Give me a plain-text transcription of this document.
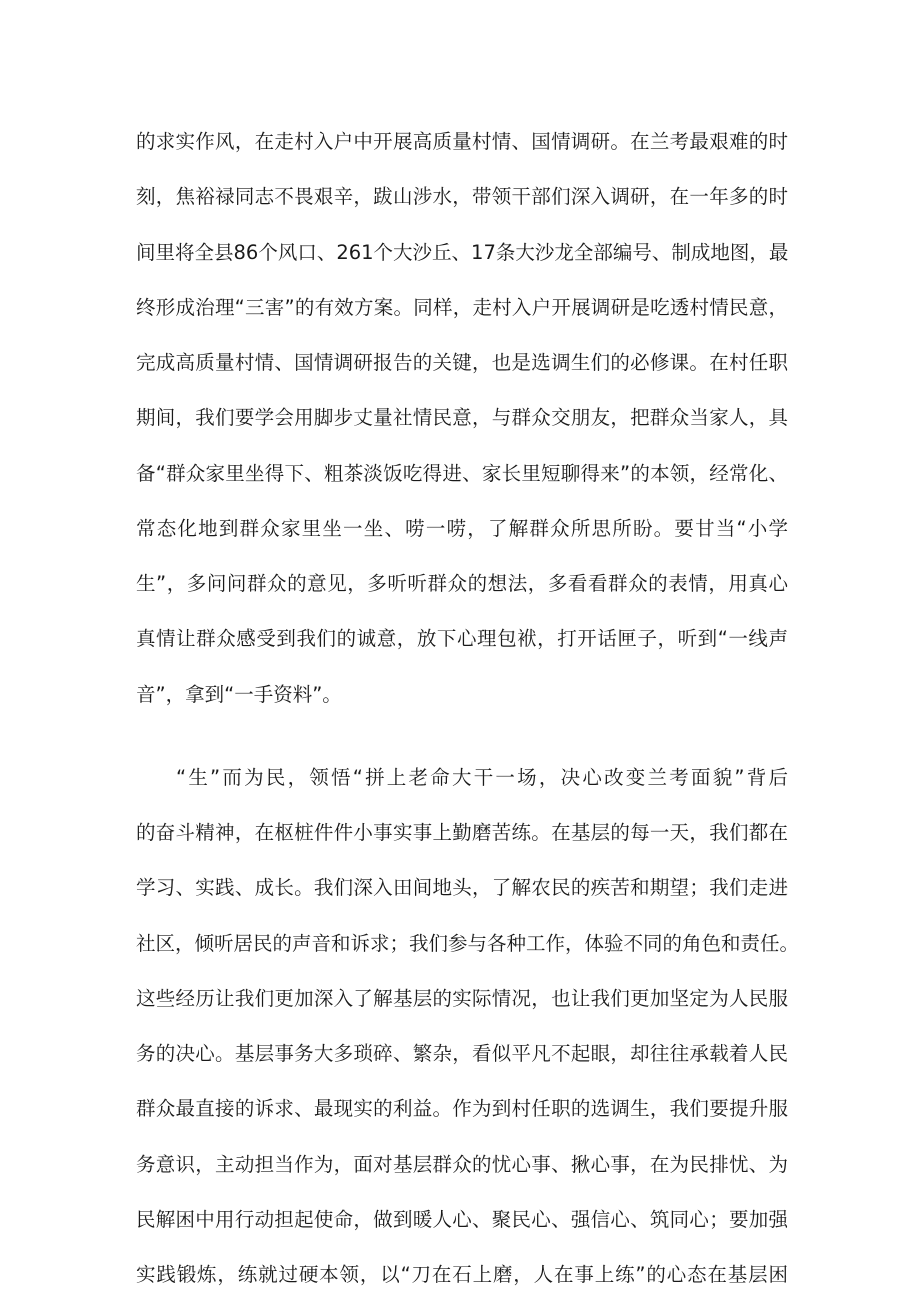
的求实作风，在走村入户中开展高质量村情、国情调研。在兰考最艰难的时
刻，焦裕禄同志不畏艰辛，跋山涉水，带领干部们深入调研，在一年多的时
间里将全县86个风口、261个大沙丘、17条大沙龙全部编号、制成地图，最
终形成治理“三害”的有效方案。同样，走村入户开展调研是吃透村情民意，
完成高质量村情、国情调研报告的关键，也是选调生们的必修课。在村任职
期间，我们要学会用脚步丈量社情民意，与群众交朋友，把群众当家人，具
备“群众家里坐得下、粗茶淡饭吃得进、家长里短聊得来”的本领，经常化、
常态化地到群众家里坐一坐、唠一唠，了解群众所思所盼。要甘当“小学
生”，多问问群众的意见，多听听群众的想法，多看看群众的表情，用真心
真情让群众感受到我们的诚意，放下心理包袱，打开话匣子，听到“一线声
音”，拿到“一手资料”。
“生”而为民，领悟“拼上老命大干一场，决心改变兰考面貌”背后
的奋斗精神，在枢桩件件小事实事上勤磨苦练。在基层的每一天，我们都在
学习、实践、成长。我们深入田间地头，了解农民的疾苦和期望；我们走进
社区，倾听居民的声音和诉求；我们参与各种工作，体验不同的角色和责任。
这些经历让我们更加深入了解基层的实际情况，也让我们更加坚定为人民服
务的决心。基层事务大多琐碎、繁杂，看似平凡不起眼，却往往承载着人民
群众最直接的诉求、最现实的利益。作为到村任职的选调生，我们要提升服
务意识，主动担当作为，面对基层群众的忧心事、揪心事，在为民排忧、为
民解困中用行动担起使命，做到暖人心、聚民心、强信心、筑同心；要加强
实践锻炼，练就过硬本领，以“刀在石上磨，人在事上练”的心态在基层困
